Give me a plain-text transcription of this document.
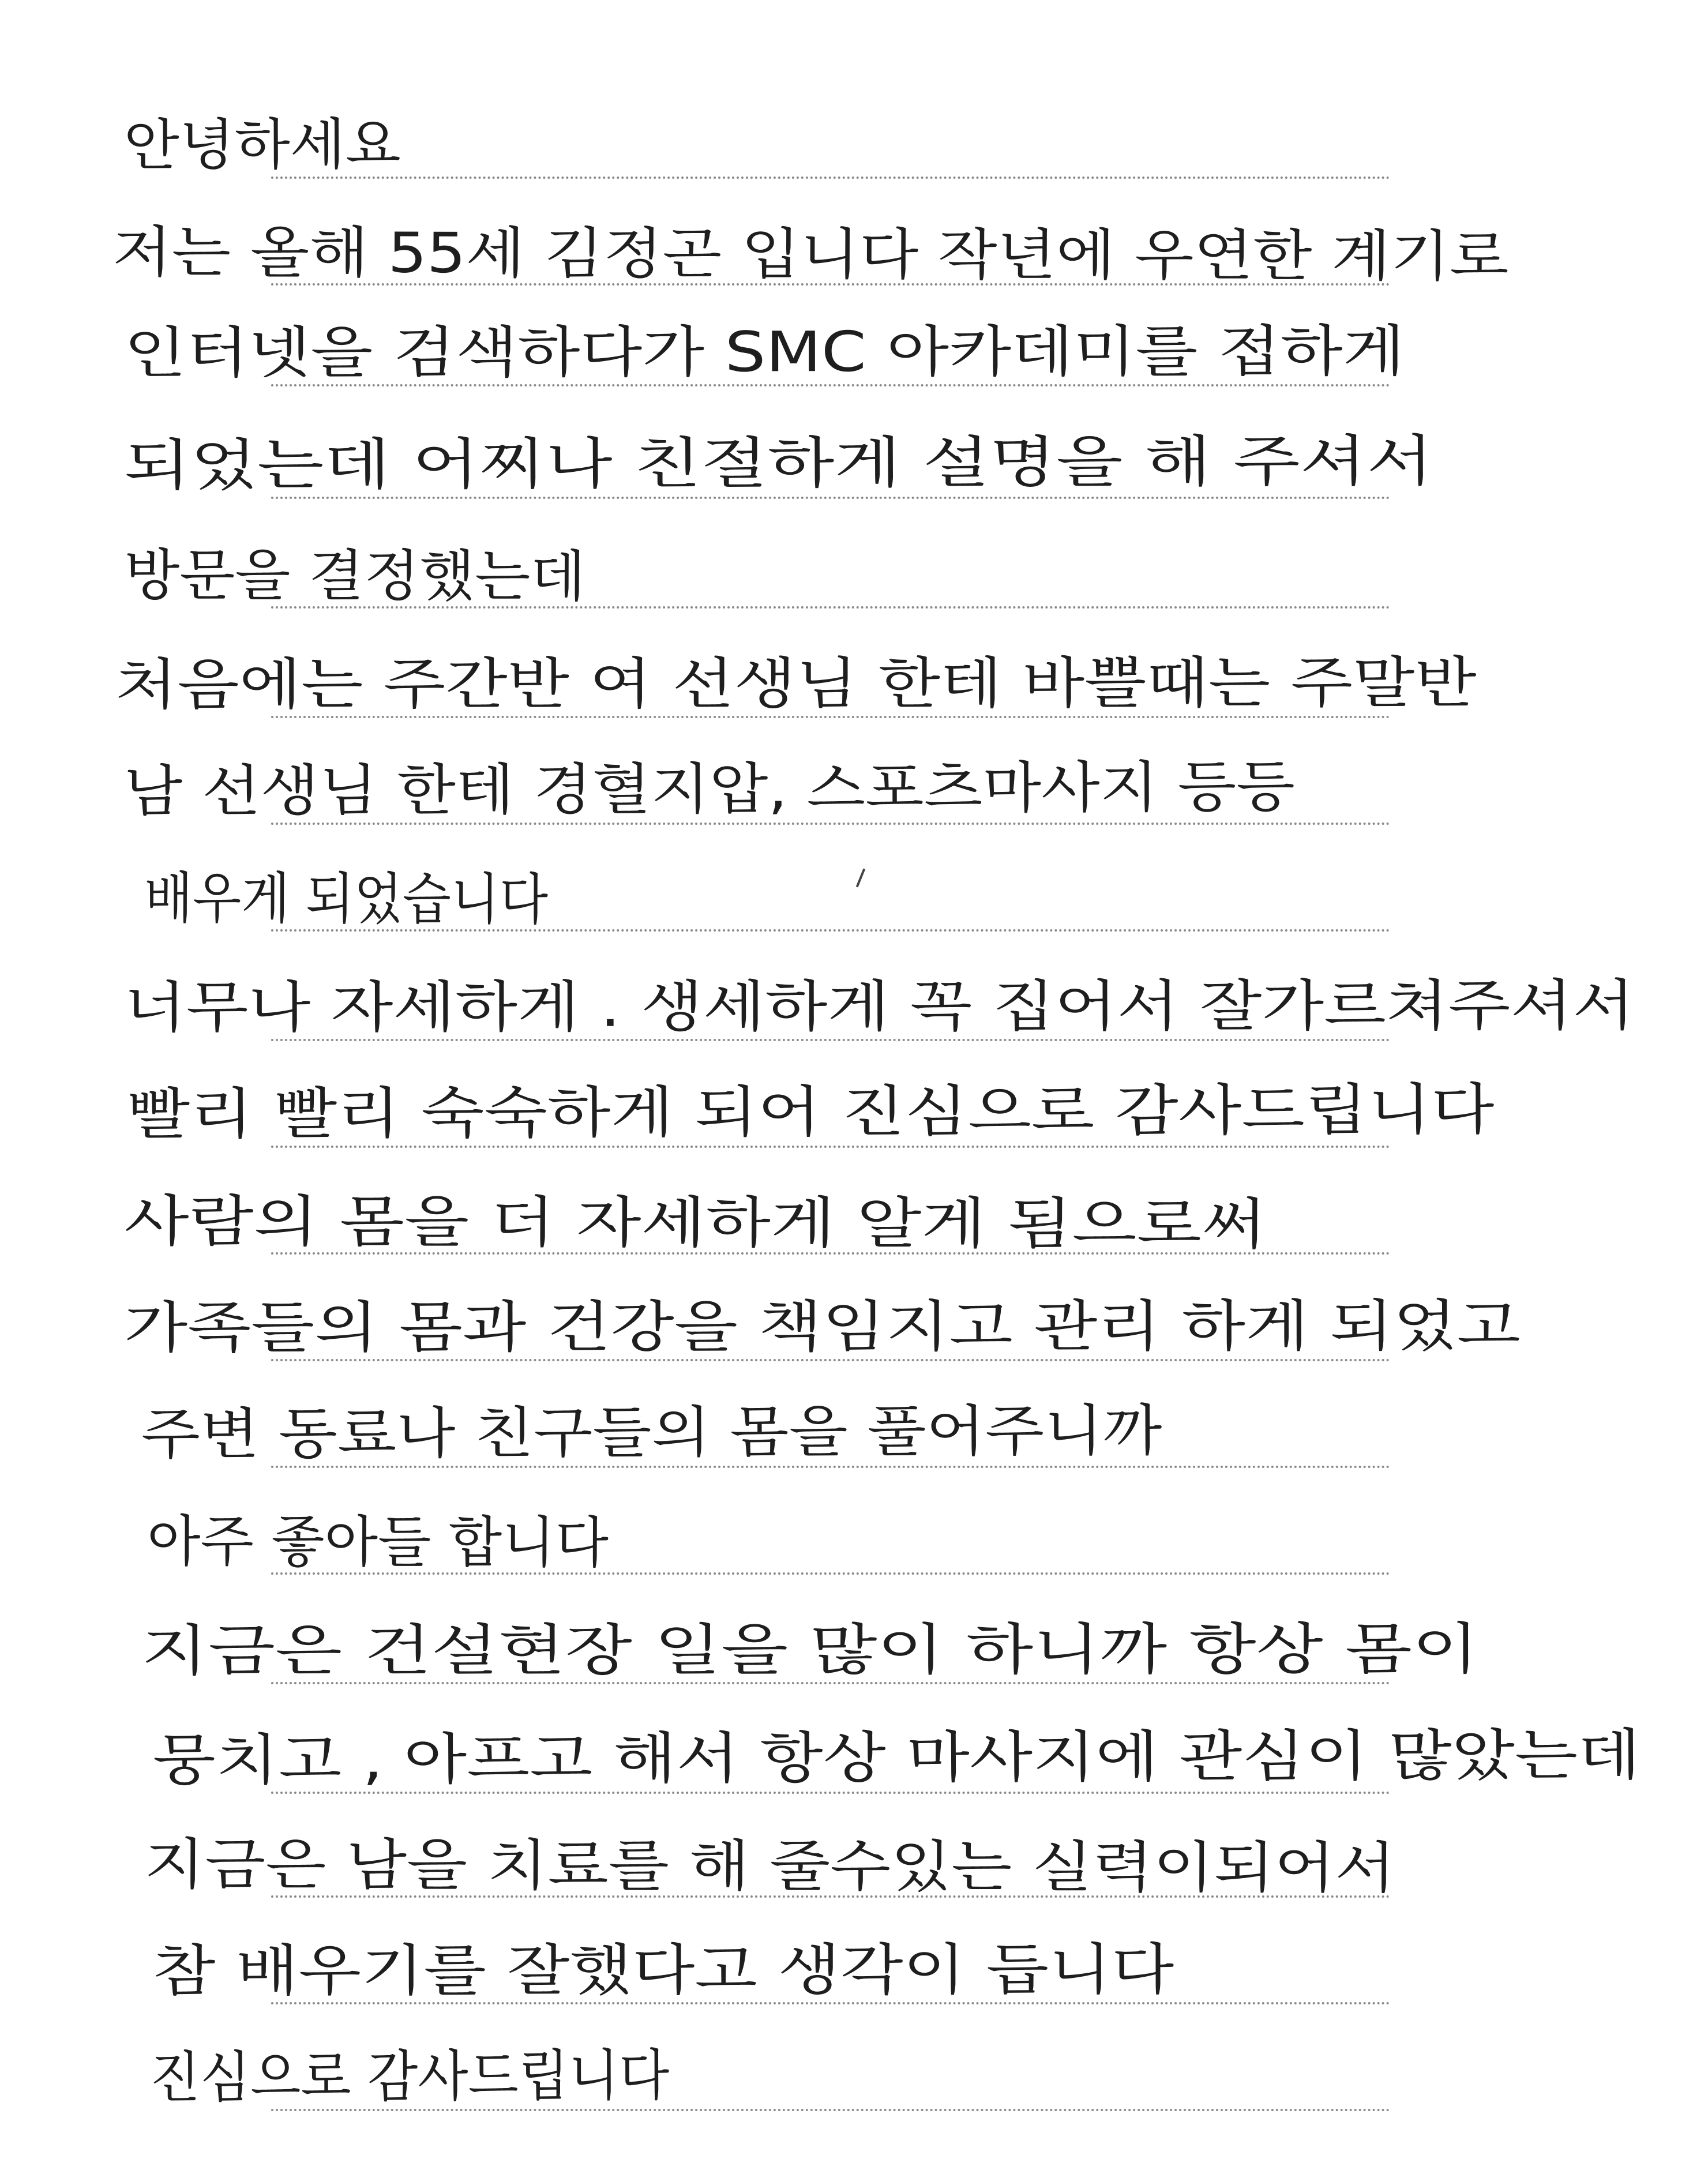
안녕하세요
저는 올해 55세 김정곤 입니다 작년에 우연한 계기로
인터넷을 검색하다가 SMC 아카데미를 접하게
되었는데 어찌나 친절하게 설명을 해 주셔서
방문을 결정했는데
처음에는 주간반 여 선생님 한테 바쁠때는 주말반
남 선생님 한테 경혈지압, 스포츠마사지 등등
배우게 되었습니다
너무나 자세하게 . 생세하게 꼭 집어서 잘가르쳐주셔서
빨리 빨리 숙숙하게 되어 진심으로 감사드립니다
사람의 몸을 더 자세하게 알게 됨으로써
가족들의 몸과 건강을 책임지고 관리 하게 되었고
주변 동료나 친구들의 몸을 풀어주니까
아주 좋아들 합니다
지금은 건설현장 일을 많이 하니까 항상 몸이
뭉치고 , 아프고 해서 항상 마사지에 관심이 많았는데
지금은 남을 치료를 해 줄수있는 실력이되어서
참 배우기를 잘했다고 생각이 듭니다
진심으로 감사드립니다
